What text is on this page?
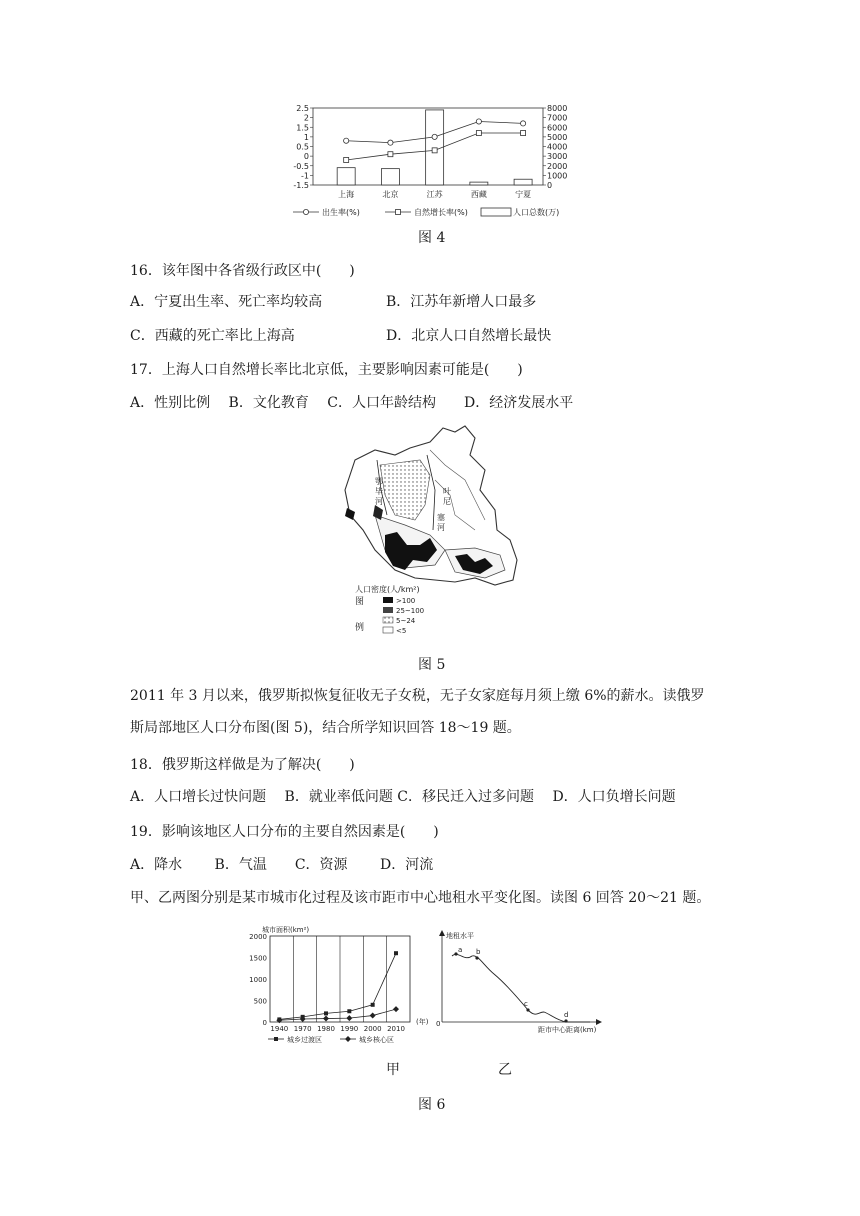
2.5
2
1.5
1
0.5
0
-0.5
-1
-1.5
8000
7000
6000
5000
4000
3000
2000
1000
0
上海	北京	江苏	西藏	宁夏
出生率(%)	自然增长率(%)	人口总数(万)
图 4
16．该年图中各省级行政区中(　　)
A．宁夏出生率、死亡率均较高	B．江苏年新增人口最多
C．西藏的死亡率比上海高	D．北京人口自然增长最快
17．上海人口自然增长率比北京低，主要影响因素可能是(　　)
A．性别比例　 B．文化教育　 C．人口年龄结构　　D．经济发展水平
鄂
毕
河
叶
尼
塞
河
人口密度(人/km²)
图
例
>100
25~100
5~24
<5
图 5
2011 年 3 月以来，俄罗斯拟恢复征收无子女税，无子女家庭每月须上缴 6%的薪水。读俄罗
斯局部地区人口分布图(图 5)，结合所学知识回答 18～19 题。
18．俄罗斯这样做是为了解决(　　)
A．人口增长过快问题　 B．就业率低问题 C．移民迁入过多问题　 D．人口负增长问题
19．影响该地区人口分布的主要自然因素是(　　)
A．降水　　 B．气温　　C．资源　　 D．河流
甲、乙两图分别是某市城市化过程及该市距市中心地租水平变化图。读图 6 回答 20～21 题。
2000
1500
1000
500
0
1940 1970 1980 1990 2000 2010
城市面积(km²)
(年)
城乡过渡区	城乡核心区
地租水平
距市中心距离(km)
0
a b
c
d
甲	乙
图 6
